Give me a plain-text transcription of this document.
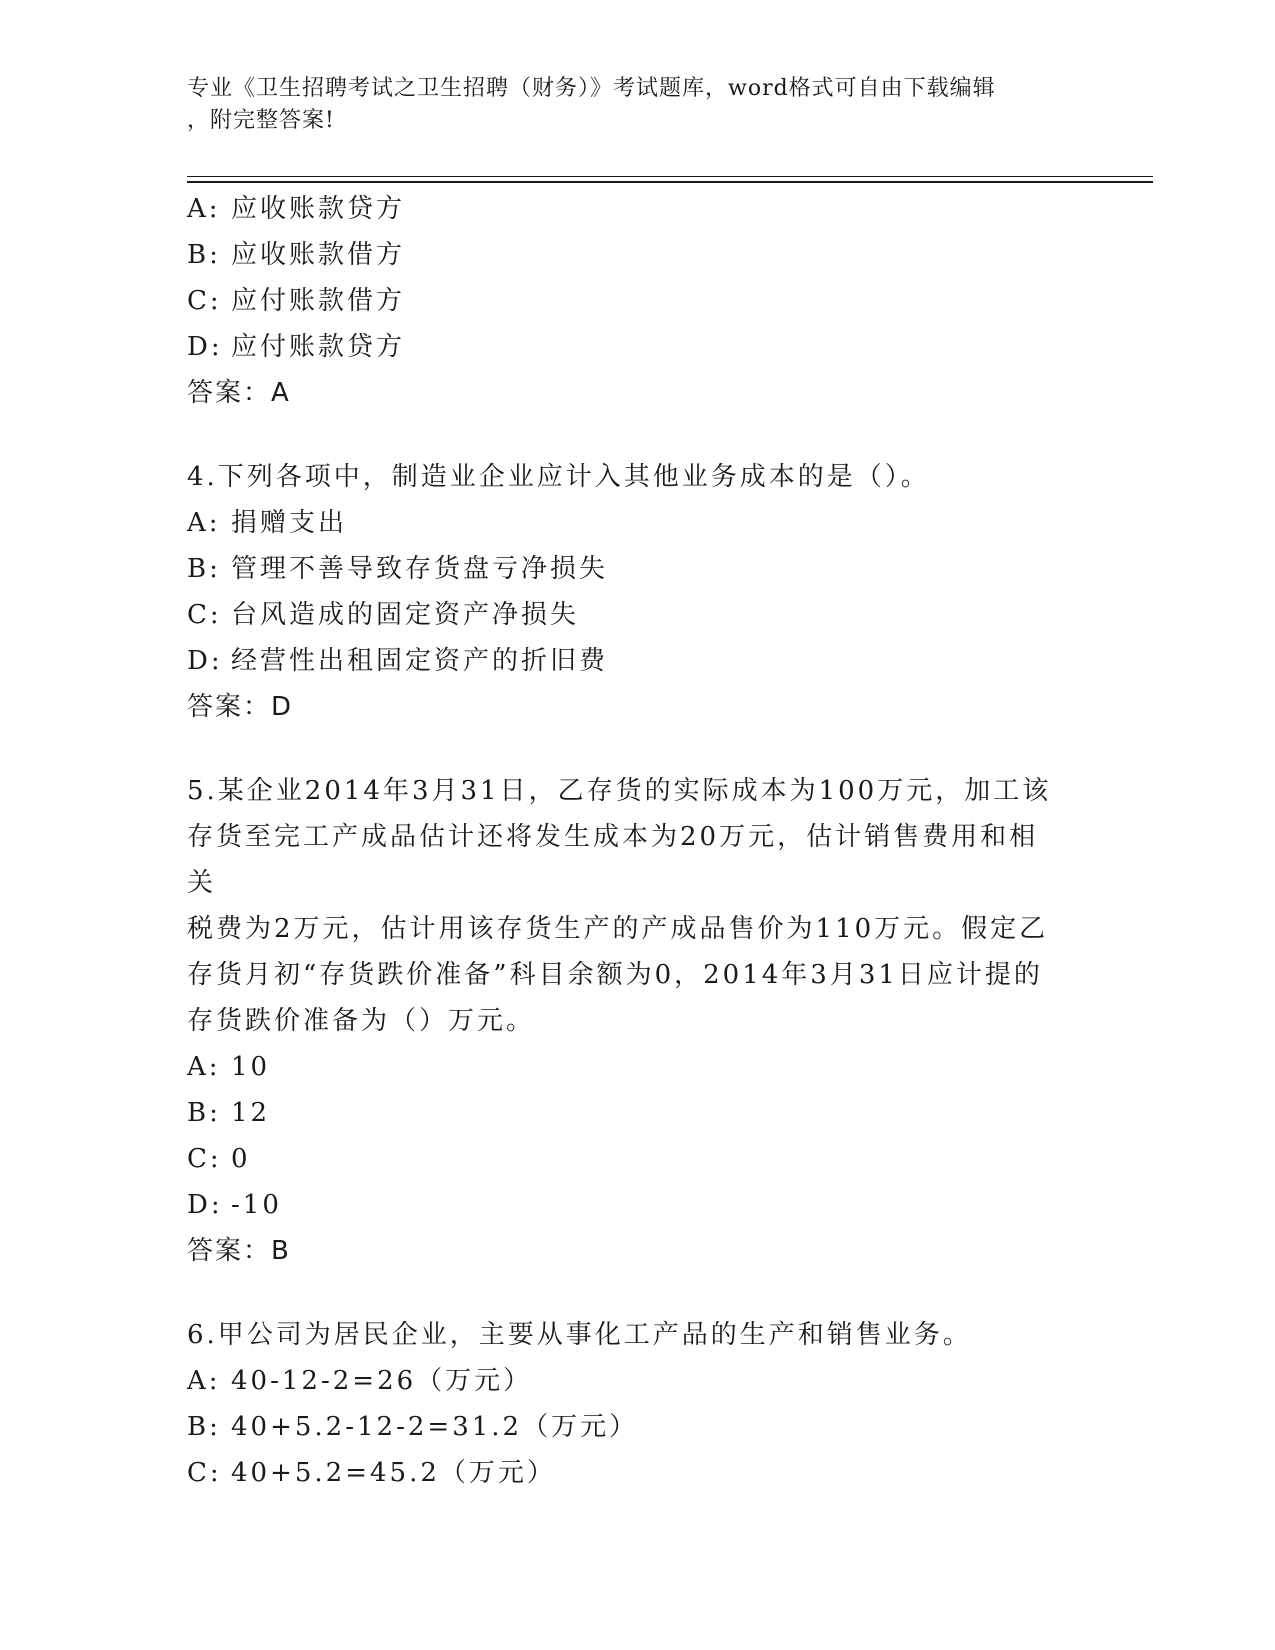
专业《卫生招聘考试之卫生招聘（财务）》考试题库，word格式可自由下载编辑
，附完整答案!
A: 应收账款贷方
B: 应收账款借方
C: 应付账款借方
D: 应付账款贷方
答案：A
4.下列各项中，制造业企业应计入其他业务成本的是（）。
A: 捐赠支出
B: 管理不善导致存货盘亏净损失
C: 台风造成的固定资产净损失
D: 经营性出租固定资产的折旧费
答案：D
5.某企业2014年3月31日，乙存货的实际成本为100万元，加工该
存货至完工产成品估计还将发生成本为20万元，估计销售费用和相关
税费为2万元，估计用该存货生产的产成品售价为110万元。假定乙
存货月初“存货跌价准备”科目余额为0，2014年3月31日应计提的
存货跌价准备为（）万元。
A: 10
B: 12
C: 0
D: -10
答案：B
6.甲公司为居民企业，主要从事化工产品的生产和销售业务。
A: 40-12-2=26（万元）
B: 40+5.2-12-2=31.2（万元）
C: 40+5.2=45.2（万元）
